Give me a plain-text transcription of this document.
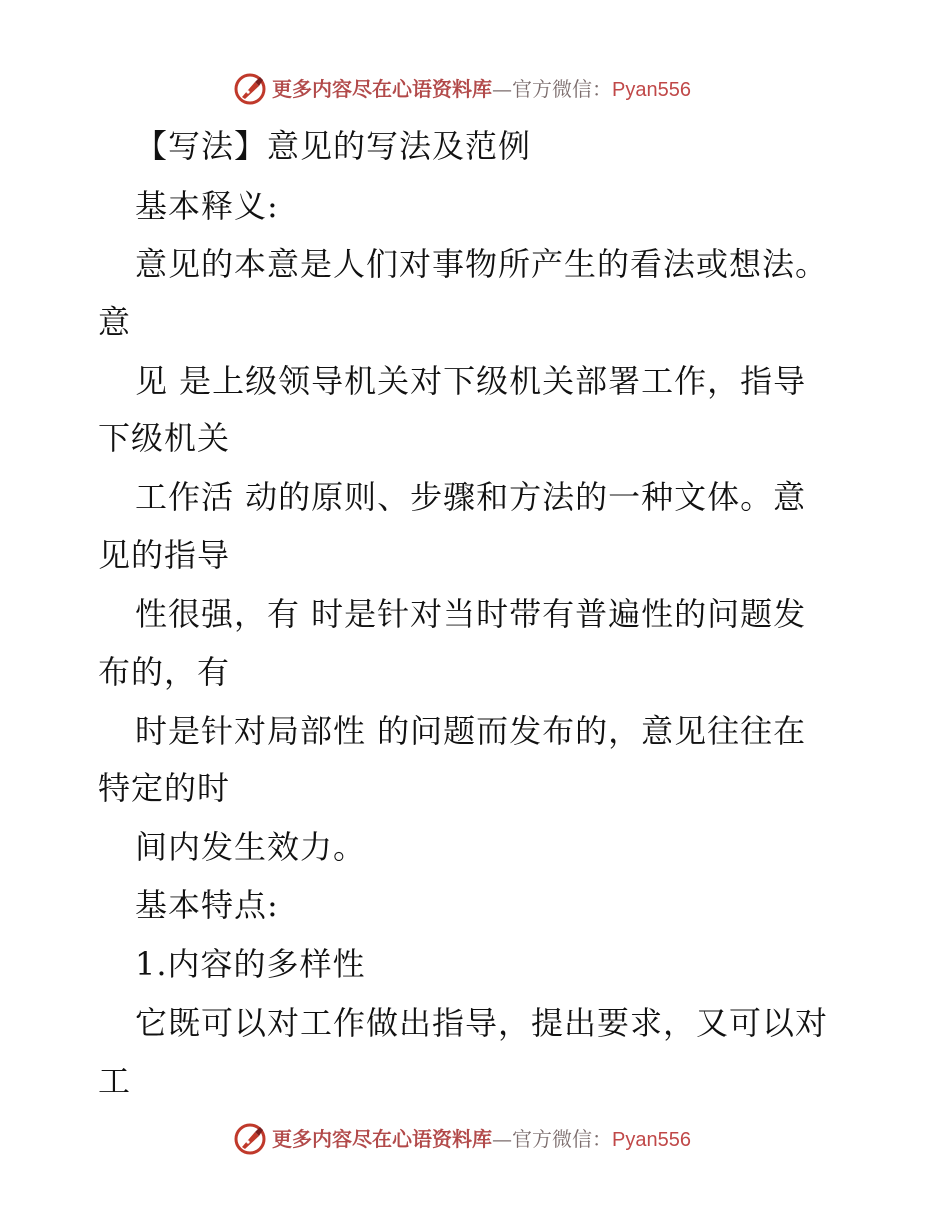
更多内容尽在心语资料库—官方微信：Pyan556
【写法】意见的写法及范例
基本释义:
意见的本意是人们对事物所产生的看法或想法。
意
见 是上级领导机关对下级机关部署工作，指导
下级机关
工作活 动的原则、步骤和方法的一种文体。意
见的指导
性很强，有 时是针对当时带有普遍性的问题发
布的，有
时是针对局部性 的问题而发布的，意见往往在
特定的时
间内发生效力。
基本特点:
1.内容的多样性
它既可以对工作做出指导，提出要求，又可以对
工
更多内容尽在心语资料库—官方微信：Pyan556
